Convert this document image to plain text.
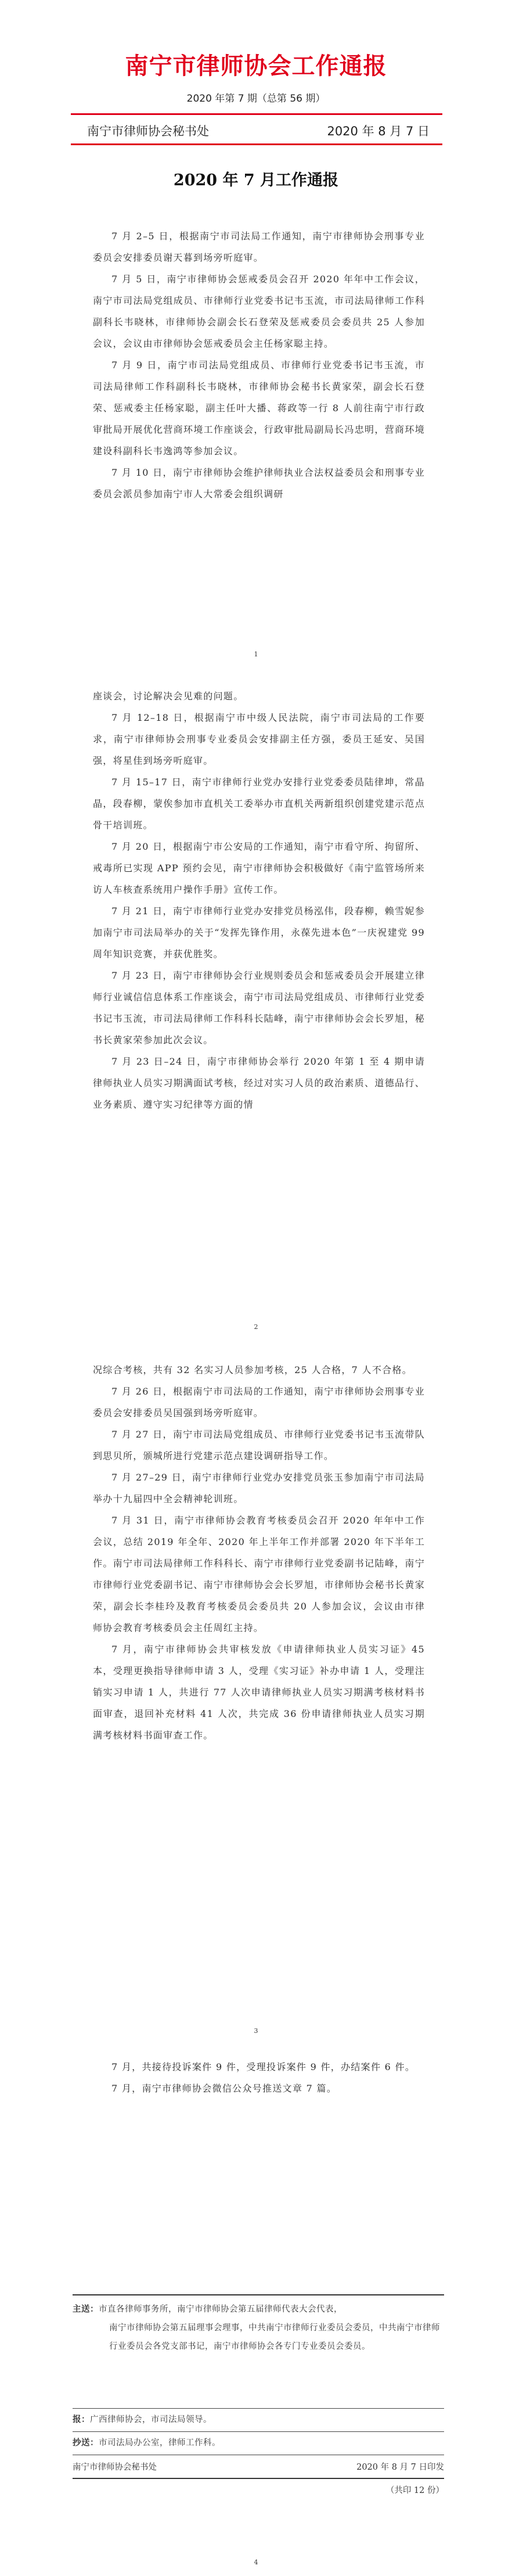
南宁市律师协会工作通报
2020 年第 7 期（总第 56 期）
南宁市律师协会秘书处	2020 年 8 月 7 日
2020 年 7 月工作通报

7 月 2–5 日，根据南宁市司法局工作通知，南宁市律师协会刑事专业委员会安排委员谢天暮到场旁听庭审。

7 月 5 日，南宁市律师协会惩戒委员会召开 2020 年年中工作会议，南宁市司法局党组成员、市律师行业党委书记韦玉流，市司法局律师工作科副科长韦晓林，市律师协会副会长石登荣及惩戒委员会委员共 25 人参加会议，会议由市律师协会惩戒委员会主任杨家聪主持。

7 月 9 日，南宁市司法局党组成员、市律师行业党委书记韦玉流，市司法局律师工作科副科长韦晓林，市律师协会秘书长黄家荣，副会长石登荣、惩戒委主任杨家聪，副主任叶大播、蒋政等一行 8 人前往南宁市行政审批局开展优化营商环境工作座谈会，行政审批局副局长冯忠明，营商环境建设科副科长韦逸鸿等参加会议。

7 月 10 日，南宁市律师协会维护律师执业合法权益委员会和刑事专业委员会派员参加南宁市人大常委会组织调研

1

座谈会，讨论解决会见难的问题。

7 月 12–18 日，根据南宁市中级人民法院，南宁市司法局的工作要求，南宁市律师协会刑事专业委员会安排副主任方强，委员王延安、吴国强，将星佳到场旁听庭审。

7 月 15–17 日，南宁市律师行业党办安排行业党委委员陆律坤，常晶晶，段春柳，蒙俟参加市直机关工委举办市直机关两新组织创建党建示范点骨干培训班。

7 月 20 日，根据南宁市公安局的工作通知，南宁市看守所、拘留所、戒毒所已实现 APP 预约会见，南宁市律师协会积极做好《南宁监管场所来访人车核查系统用户操作手册》宣传工作。

7 月 21 日，南宁市律师行业党办安排党员杨泓伟，段春柳，赖雪妮参加南宁市司法局举办的关于“发挥先锋作用，永葆先进本色”一庆祝建党 99 周年知识竞赛，并获优胜奖。

7 月 23 日，南宁市律师协会行业规则委员会和惩戒委员会开展建立律师行业诚信信息体系工作座谈会，南宁市司法局党组成员、市律师行业党委书记韦玉流，市司法局律师工作科科长陆峰，南宁市律师协会会长罗旭，秘书长黄家荣参加此次会议。

7 月 23 日–24 日，南宁市律师协会举行 2020 年第 1 至 4 期申请律师执业人员实习期满面试考核，经过对实习人员的政治素质、道德品行、业务素质、遵守实习纪律等方面的情

2

况综合考核，共有 32 名实习人员参加考核，25 人合格，7 人不合格。

7 月 26 日，根据南宁市司法局的工作通知，南宁市律师协会刑事专业委员会安排委员吴国强到场旁听庭审。

7 月 27 日，南宁市司法局党组成员、市律师行业党委书记韦玉流带队到思贝所，颁城所进行党建示范点建设调研指导工作。

7 月 27–29 日，南宁市律师行业党办安排党员张玉参加南宁市司法局举办十九届四中全会精神轮训班。

7 月 31 日，南宁市律师协会教育考核委员会召开 2020 年年中工作会议，总结 2019 年全年、2020 年上半年工作并部署 2020 年下半年工作。南宁市司法局律师工作科科长、南宁市律师行业党委副书记陆峰，南宁市律师行业党委副书记、南宁市律师协会会长罗旭，市律师协会秘书长黄家荣，副会长李桂玲及教育考核委员会委员共 20 人参加会议，会议由市律师协会教育考核委员会主任周红主持。

7 月，南宁市律师协会共审核发放《申请律师执业人员实习证》45 本，受理更换指导律师申请 3 人，受理《实习证》补办申请 1 人，受理注销实习申请 1 人，共进行 77 人次申请律师执业人员实习期满考核材料书面审查，退回补充材料 41 人次，共完成 36 份申请律师执业人员实习期满考核材料书面审查工作。

3

7 月，共接待投诉案件 9 件，受理投诉案件 9 件，办结案件 6 件。

7 月，南宁市律师协会微信公众号推送文章 7 篇。

主送：市直各律师事务所，南宁市律师协会第五届律师代表大会代表，
南宁市律师协会第五届理事会理事，中共南宁市律师行业委员会委员，中共南宁市律师行业委员会各党支部书记，南宁市律师协会各专门专业委员会委员。
报：广西律师协会，市司法局领导。
抄送：市司法局办公室，律师工作科。
南宁市律师协会秘书处	2020 年 8 月 7 日印发
（共印 12 份）
4
